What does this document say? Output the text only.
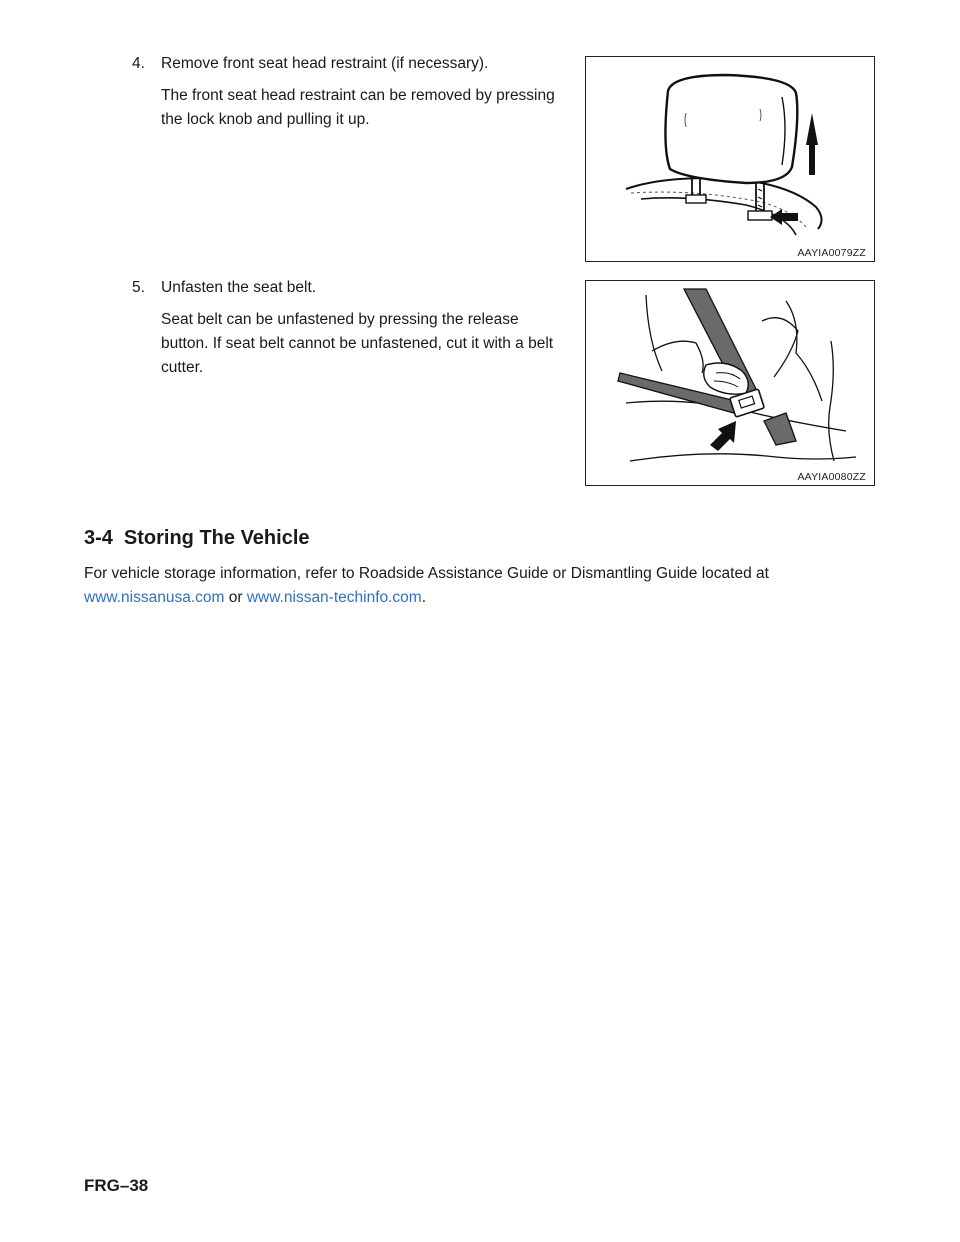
4. Remove front seat head restraint (if necessary).
The front seat head restraint can be removed by pressing the lock knob and pulling it up.
AAYIA0079ZZ
5. Unfasten the seat belt.
Seat belt can be unfastened by pressing the release button. If seat belt cannot be unfastened, cut it with a belt cutter.
AAYIA0080ZZ
3-4 Storing The Vehicle
For vehicle storage information, refer to Roadside Assistance Guide or Dismantling Guide located at
www.nissanusa.com or www.nissan-techinfo.com.
FRG–38
